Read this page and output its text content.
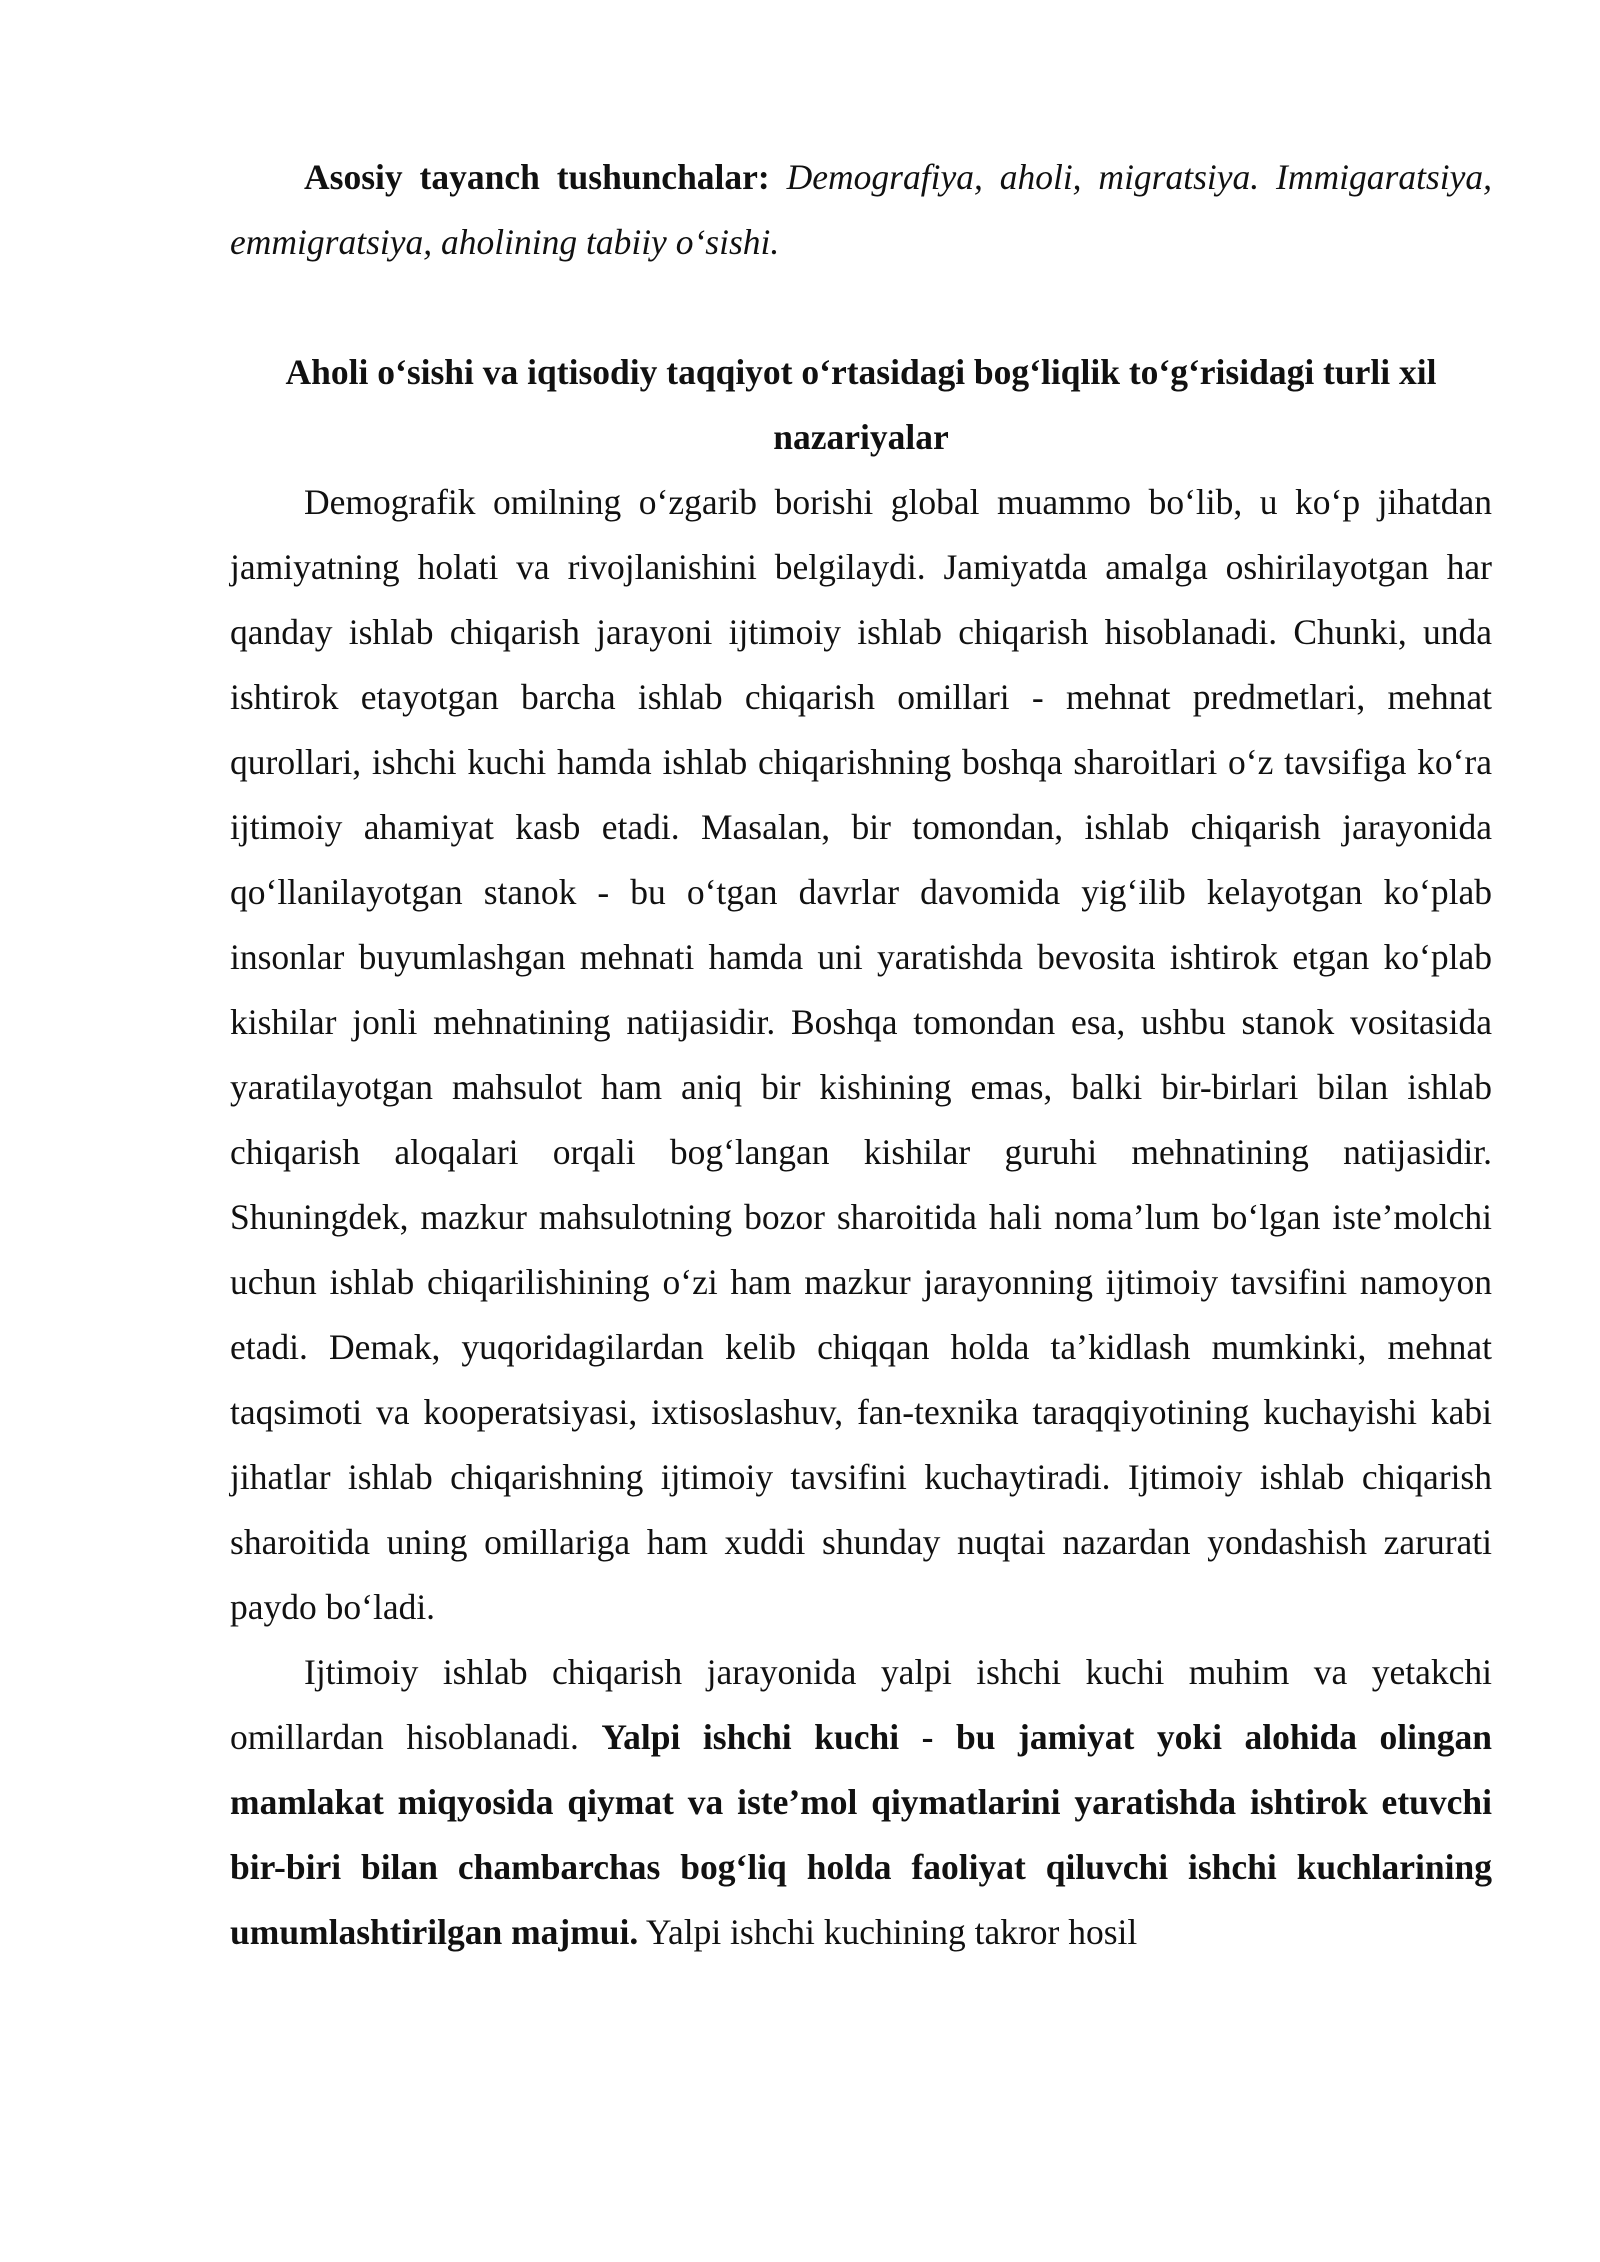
Asosiy tayanch tushunchalar: Demografiya, aholi, migratsiya. Immigaratsiya, emmigratsiya, aholining tabiiy o‘sishi.

Aholi o‘sishi va iqtisodiy taqqiyot o‘rtasidagi bog‘liqlik to‘g‘risidagi turli xil nazariyalar

Demografik omilning o‘zgarib borishi global muammo bo‘lib, u ko‘p jihatdan jamiyatning holati va rivojlanishini belgilaydi. Jamiyatda amalga oshirilayotgan har qanday ishlab chiqarish jarayoni ijtimoiy ishlab chiqarish hisoblanadi. Chunki, unda ishtirok etayotgan barcha ishlab chiqarish omillari - mehnat predmetlari, mehnat qurollari, ishchi kuchi hamda ishlab chiqarishning boshqa sharoitlari o‘z tavsifiga ko‘ra ijtimoiy ahamiyat kasb etadi. Masalan, bir tomondan, ishlab chiqarish jarayonida qo‘llanilayotgan stanok - bu o‘tgan davrlar davomida yig‘ilib kelayotgan ko‘plab insonlar buyumlashgan mehnati hamda uni yaratishda bevosita ishtirok etgan ko‘plab kishilar jonli mehnatining natijasidir. Boshqa tomondan esa, ushbu stanok vositasida yaratilayotgan mahsulot ham aniq bir kishining emas, balki bir-birlari bilan ishlab chiqarish aloqalari orqali bog‘langan kishilar guruhi mehnatining natijasidir. Shuningdek, mazkur mahsulotning bozor sharoitida hali noma’lum bo‘lgan iste’molchi uchun ishlab chiqarilishining o‘zi ham mazkur jarayonning ijtimoiy tavsifini namoyon etadi. Demak, yuqoridagilardan kelib chiqqan holda ta’kidlash mumkinki, mehnat taqsimoti va kooperatsiyasi, ixtisoslashuv, fan-texnika taraqqiyotining kuchayishi kabi jihatlar ishlab chiqarishning ijtimoiy tavsifini kuchaytiradi. Ijtimoiy ishlab chiqarish sharoitida uning omillariga ham xuddi shunday nuqtai nazardan yondashish zarurati paydo bo‘ladi.

Ijtimoiy ishlab chiqarish jarayonida yalpi ishchi kuchi muhim va yetakchi omillardan hisoblanadi. Yalpi ishchi kuchi - bu jamiyat yoki alohida olingan mamlakat miqyosida qiymat va iste’mol qiymatlarini yaratishda ishtirok etuvchi bir-biri bilan chambarchas bog‘liq holda faoliyat qiluvchi ishchi kuchlarining umumlashtirilgan majmui. Yalpi ishchi kuchining takror hosil
